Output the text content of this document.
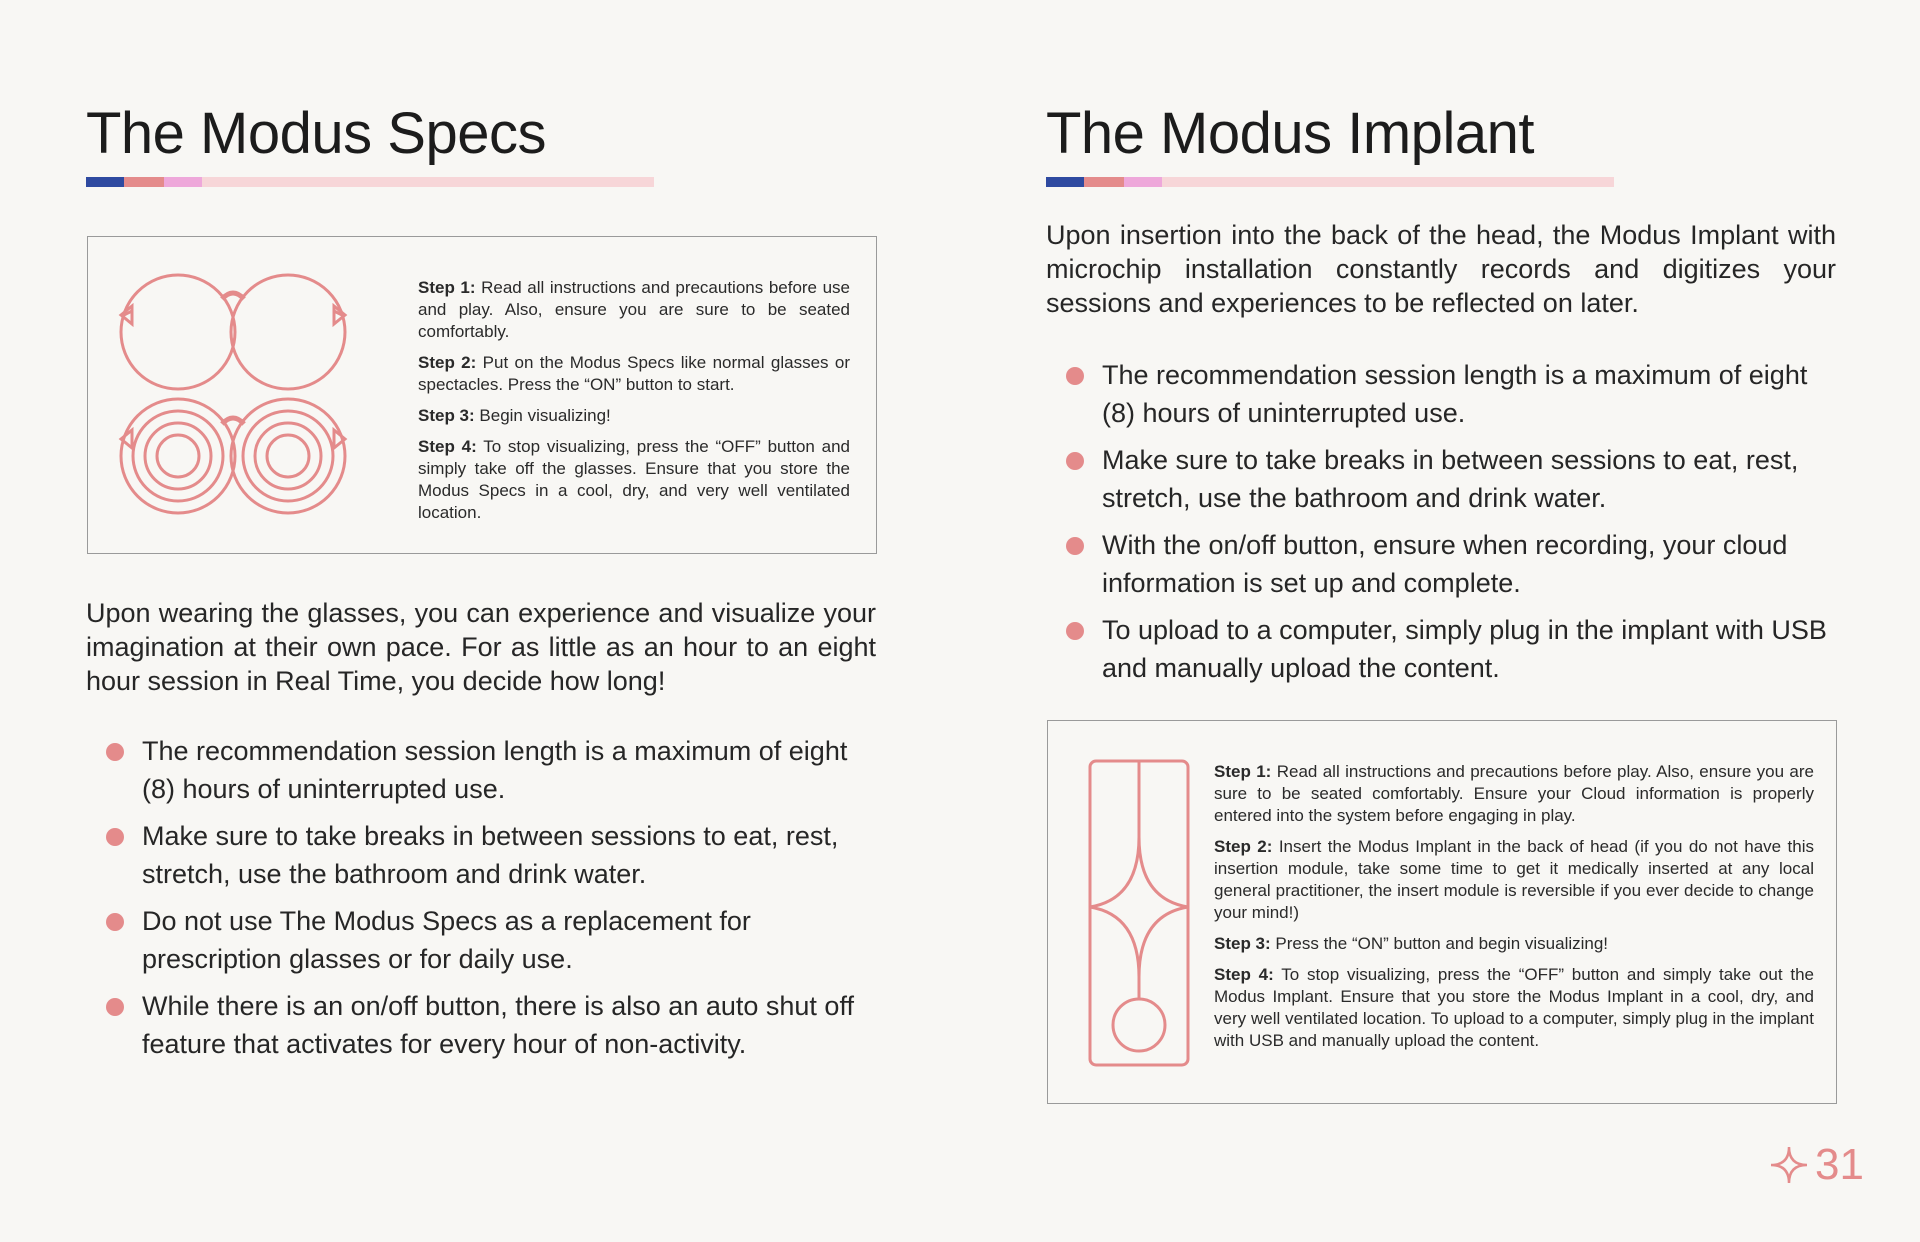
The Modus Specs

Step 1: Read all instructions and precautions before use and play. Also, ensure you are sure to be seated comfortably.

Step 2: Put on the Modus Specs like normal glasses or spectacles. Press the “ON” button to start.

Step 3: Begin visualizing!

Step 4: To stop visualizing, press the “OFF” button and simply take off the glasses. Ensure that you store the Modus Specs in a cool, dry, and very well ventilated location.

Upon wearing the glasses, you can experience and visualize your imagination at their own pace. For as little as an hour to an eight hour session in Real Time, you decide how long!

The recommendation session length is a maximum of eight (8) hours of uninterrupted use.
Make sure to take breaks in between sessions to eat, rest, stretch, use the bathroom and drink water.
Do not use The Modus Specs as a replacement for prescription glasses or for daily use.
While there is an on/off button, there is also an auto shut off feature that activates for every hour of non-activity.
The Modus Implant

Upon insertion into the back of the head, the Modus Implant with microchip installation constantly records and digitizes your sessions and experiences to be reflected on later.

The recommendation session length is a maximum of eight (8) hours of uninterrupted use.
Make sure to take breaks in between sessions to eat, rest, stretch, use the bathroom and drink water.
With the on/off button, ensure when recording, your cloud information is set up and complete.
To upload to a computer, simply plug in the implant with USB and manually upload the content.

Step 1: Read all instructions and precautions before play. Also, ensure you are sure to be seated comfortably. Ensure your Cloud information is properly entered into the system before engaging in play.

Step 2: Insert the Modus Implant in the back of head (if you do not have this insertion module, take some time to get it medically inserted at any local general practitioner, the insert module is reversible if you ever decide to change your mind!)

Step 3: Press the “ON” button and begin visualizing!

Step 4: To stop visualizing, press the “OFF” button and simply take out the Modus Implant. Ensure that you store the Modus Implant in a cool, dry, and very well ventilated location. To upload to a computer, simply plug in the implant with USB and manually upload the content.

31
